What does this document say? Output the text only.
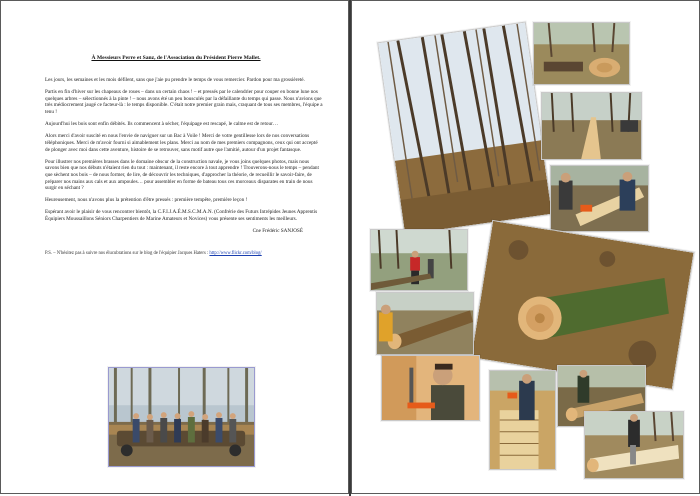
À Messieurs Perre et Sanz, de l'Association du Président Pierre Mallet.

Les jours, les semaines et les mois défilent, sans que j'aie pu prendre le temps de vous remercier. Pardon pour ma grossièreté.

Partis en fin d'hiver sur les chapeaux de roues – dans un certain chaos ! – et pressés par le calendrier pour couper en bonne lune nos quelques arbres – sélectionnés à la pinte ! – nous avons été un peu bousculés par la défaillante du temps qui passe. Nous n'avions que très médiocrement jaugé ce facteur-là : le temps disponible. C'était notre premier grain mais, craquant de tous ses membres, l'équipe a tenu !

Aujourd'hui les bois sont enfin débités. Ils commencent à sécher, l'équipage est rescapé, le calme est de retour…

Alors merci d'avoir suscité en nous l'envie de naviguer sur un Bac à Voile ! Merci de votre gentillesse lors de nos conversations téléphoniques. Merci de m'avoir fourni si aimablement les plans. Merci au nom de mes premiers compagnons, ceux qui ont accepté de plonger avec moi dans cette aventure, histoire de se retrouver, sans motif autre que l'amitié, autour d'un projet fantasque.

Pour illustrer nos premières brasses dans le domaine obscur de la construction navale, je vous joins quelques photos, mais nous savons bien que nos débuts n'étaient rien du tout : maintenant, il reste encore à tout apprendre ! Trouverons-nous le temps – pendant que sèchent nos bois – de nous former, de lire, de découvrir les techniques, d'approcher la théorie, de recueillir le savoir-faire, de préparer nos mains aux cals et aux ampoules… pour assembler en forme de bateau tous ces morceaux disparates en train de nous surgir en séchant ?

Heureusement, nous n'avons plus la prétention d'être pressés : première tempête, première leçon !

Espérant avoir le plaisir de vous rencontrer bientôt, la C.F.I.J.A.É.M.S.C.M.A.N. (Confrérie des Futurs Intrépides Jeunes Apprentis Équipiers Moussaillons Séniors Charpentiers de Marine Amateurs et Novices) vous présente ses sentiments les meilleurs.

Cne Frédéric SANJOSÉ

P.S. – N'hésitez pas à suivre nos élucubrations sur le blog de l'équipier Jacques Haters : http://www.flickr.com/blog/
